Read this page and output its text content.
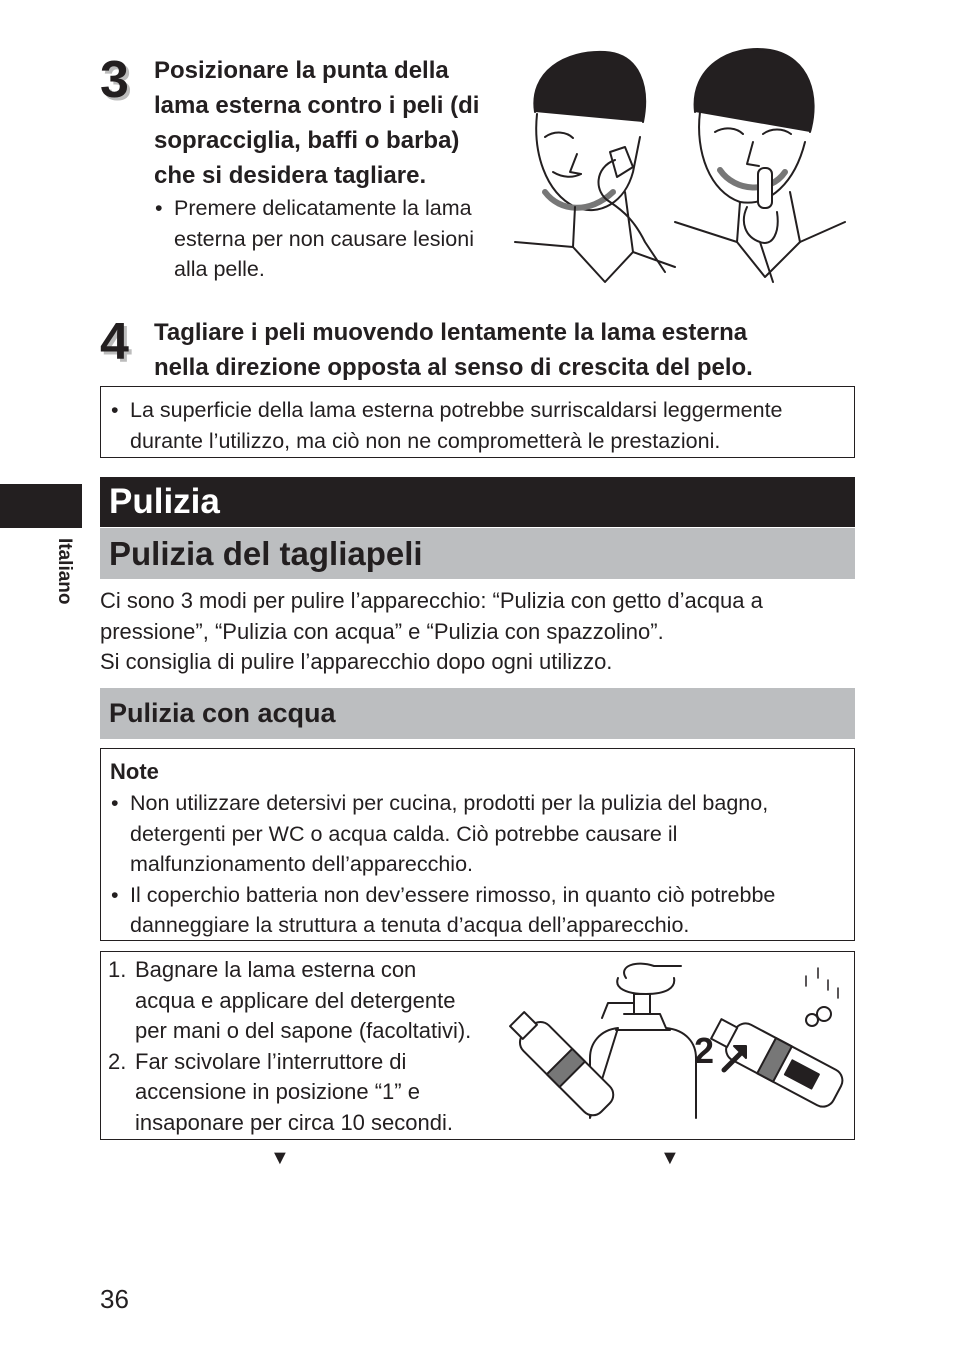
Italiano
3 Posizionare la punta della
lama esterna contro i peli (di
sopracciglia, baffi o barba)
che si desidera tagliare.

• Premere delicatamente la lama
esterna per non causare lesioni
alla pelle.
4 Tagliare i peli muovendo lentamente la lama esterna
nella direzione opposta al senso di crescita del pelo.

• La superficie della lama esterna potrebbe surriscaldarsi leggermente
durante l’utilizzo, ma ciò non ne comprometterà le prestazioni.
Pulizia
Pulizia del tagliapeli
Ci sono 3 modi per pulire l’apparecchio: “Pulizia con getto d’acqua a
pressione”, “Pulizia con acqua” e “Pulizia con spazzolino”.
Si consiglia di pulire l’apparecchio dopo ogni utilizzo.
Pulizia con acqua
Note
• Non utilizzare detersivi per cucina, prodotti per la pulizia del bagno,
detergenti per WC o acqua calda. Ciò potrebbe causare il
malfunzionamento dell’apparecchio.
• Il coperchio batteria non dev’essere rimosso, in quanto ciò potrebbe
danneggiare la struttura a tenuta d’acqua dell’apparecchio.
1. Bagnare la lama esterna con
acqua e applicare del detergente
per mani o del sapone (facoltativi).
2. Far scivolare l’interruttore di
accensione in posizione “1” e
insaponare per circa 10 secondi.
2
▼	▼
36
